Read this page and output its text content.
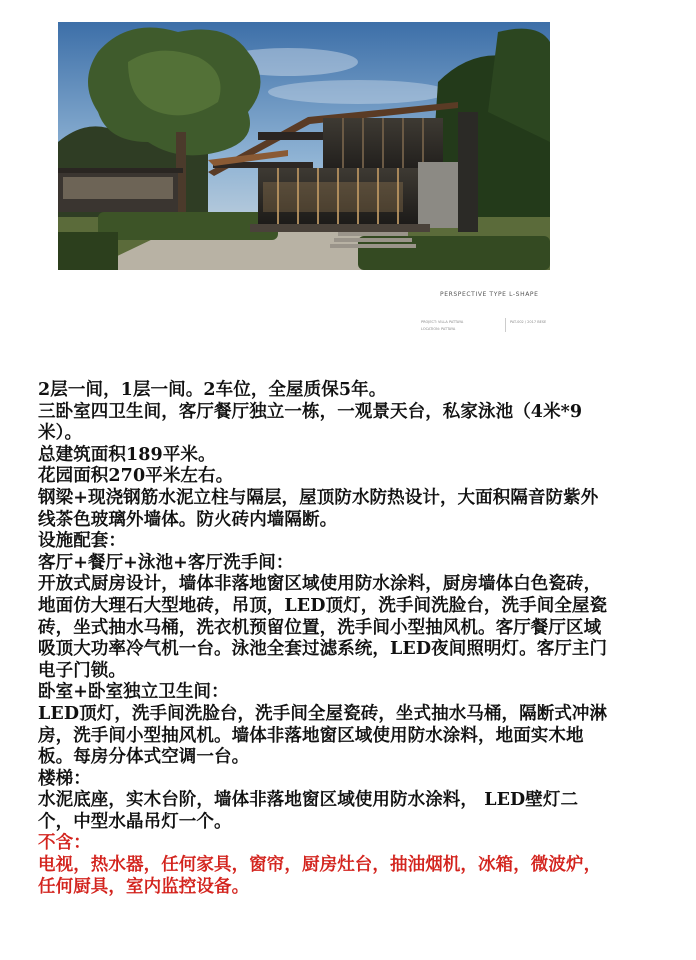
PERSPECTIVE TYPE L-SHAPE
PROJECT: VILLA PATTAYA
LOCATION: PATTAYA
PAT-002 / 2017 BESE
2层一间，1层一间。2车位，全屋质保5年。
三卧室四卫生间，客厅餐厅独立一栋，一观景天台，私家泳池（4米*9
米）。
总建筑面积189平米。
花园面积270平米左右。
钢梁+现浇钢筋水泥立柱与隔层，屋顶防水防热设计，大面积隔音防紫外
线茶色玻璃外墙体。防火砖内墙隔断。
设施配套：
客厅+餐厅+泳池+客厅洗手间：
开放式厨房设计，墙体非落地窗区域使用防水涂料，厨房墙体白色瓷砖，
地面仿大理石大型地砖，吊顶，LED顶灯，洗手间洗脸台，洗手间全屋瓷
砖，坐式抽水马桶，洗衣机预留位置，洗手间小型抽风机。客厅餐厅区域
吸顶大功率冷气机一台。泳池全套过滤系统，LED夜间照明灯。客厅主门
电子门锁。
卧室+卧室独立卫生间：
LED顶灯，洗手间洗脸台，洗手间全屋瓷砖，坐式抽水马桶，隔断式冲淋
房，洗手间小型抽风机。墙体非落地窗区域使用防水涂料，地面实木地
板。每房分体式空调一台。
楼梯：
水泥底座，实木台阶，墙体非落地窗区域使用防水涂料， LED壁灯二
个，中型水晶吊灯一个。
不含：
电视，热水器，任何家具，窗帘，厨房灶台，抽油烟机，冰箱，微波炉，
任何厨具，室内监控设备。
